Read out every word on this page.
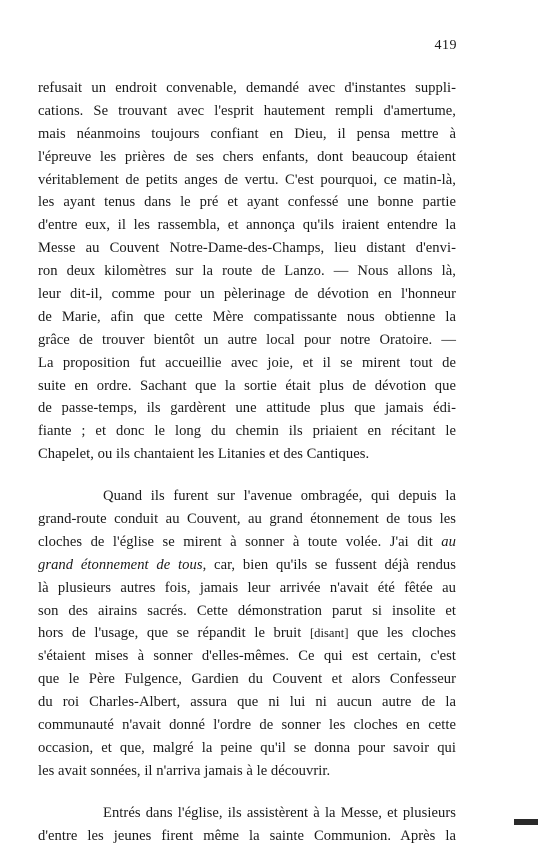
419
refusait un endroit convenable, demandé avec d'instantes suppli-
cations. Se trouvant avec l'esprit hautement rempli d'amertume,
mais néanmoins toujours confiant en Dieu, il pensa mettre à
l'épreuve les prières de ses chers enfants, dont beaucoup étaient
véritablement de petits anges de vertu. C'est pourquoi, ce matin-là,
les ayant tenus dans le pré et ayant confessé une bonne partie
d'entre eux, il les rassembla, et annonça qu'ils iraient entendre la
Messe au Couvent Notre-Dame-des-Champs, lieu distant d'envi-
ron deux kilomètres sur la route de Lanzo. — Nous allons là,
leur dit-il, comme pour un pèlerinage de dévotion en l'honneur
de Marie, afin que cette Mère compatissante nous obtienne la
grâce de trouver bientôt un autre local pour notre Oratoire. —
La proposition fut accueillie avec joie, et il se mirent tout de
suite en ordre. Sachant que la sortie était plus de dévotion que
de passe-temps, ils gardèrent une attitude plus que jamais édi-
fiante ; et donc le long du chemin ils priaient en récitant le
Chapelet, ou ils chantaient les Litanies et des Cantiques.
Quand ils furent sur l'avenue ombragée, qui depuis la
grand-route conduit au Couvent, au grand étonnement de tous les
cloches de l'église se mirent à sonner à toute volée. J'ai dit au
grand étonnement de tous, car, bien qu'ils se fussent déjà rendus
là plusieurs autres fois, jamais leur arrivée n'avait été fêtée au
son des airains sacrés. Cette démonstration parut si insolite et
hors de l'usage, que se répandit le bruit [disant] que les cloches
s'étaient mises à sonner d'elles-mêmes. Ce qui est certain, c'est
que le Père Fulgence, Gardien du Couvent et alors Confesseur
du roi Charles-Albert, assura que ni lui ni aucun autre de la
communauté n'avait donné l'ordre de sonner les cloches en cette
occasion, et que, malgré la peine qu'il se donna pour savoir qui
les avait sonnées, il n'arriva jamais à le découvrir.
Entrés dans l'église, ils assistèrent à la Messe, et plusieurs
d'entre les jeunes firent même la sainte Communion. Après la
